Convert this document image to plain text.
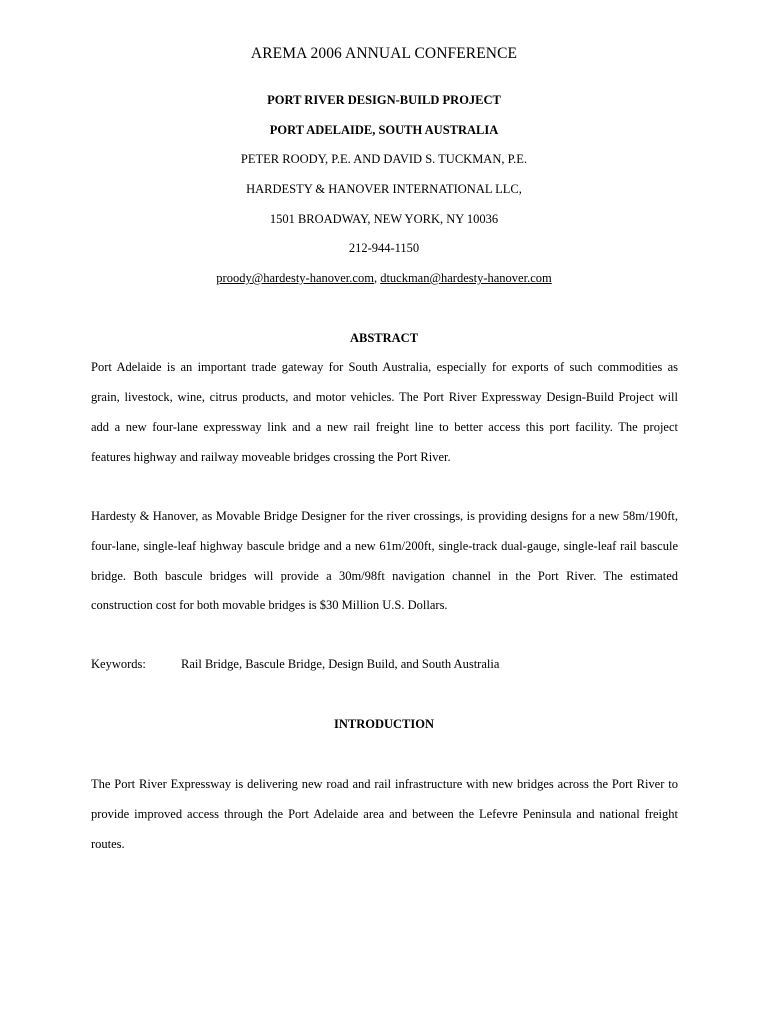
AREMA 2006 ANNUAL CONFERENCE
PORT RIVER DESIGN-BUILD PROJECT
PORT ADELAIDE, SOUTH AUSTRALIA
PETER ROODY, P.E. AND DAVID S. TUCKMAN, P.E.
HARDESTY & HANOVER INTERNATIONAL LLC,
1501 BROADWAY, NEW YORK, NY 10036
212-944-1150
proody@hardesty-hanover.com, dtuckman@hardesty-hanover.com
ABSTRACT
Port Adelaide is an important trade gateway for South Australia, especially for exports of such commodities as
grain, livestock, wine, citrus products, and motor vehicles. The Port River Expressway Design-Build Project will
add a new four-lane expressway link and a new rail freight line to better access this port facility. The project
features highway and railway moveable bridges crossing the Port River.
Hardesty & Hanover, as Movable Bridge Designer for the river crossings, is providing designs for a new 58m/190ft,
four-lane, single-leaf highway bascule bridge and a new 61m/200ft, single-track dual-gauge, single-leaf rail bascule
bridge. Both bascule bridges will provide a 30m/98ft navigation channel in the Port River. The estimated
construction cost for both movable bridges is $30 Million U.S. Dollars.
Keywords:	Rail Bridge, Bascule Bridge, Design Build, and South Australia
INTRODUCTION
The Port River Expressway is delivering new road and rail infrastructure with new bridges across the Port River to
provide improved access through the Port Adelaide area and between the Lefevre Peninsula and national freight
routes.
